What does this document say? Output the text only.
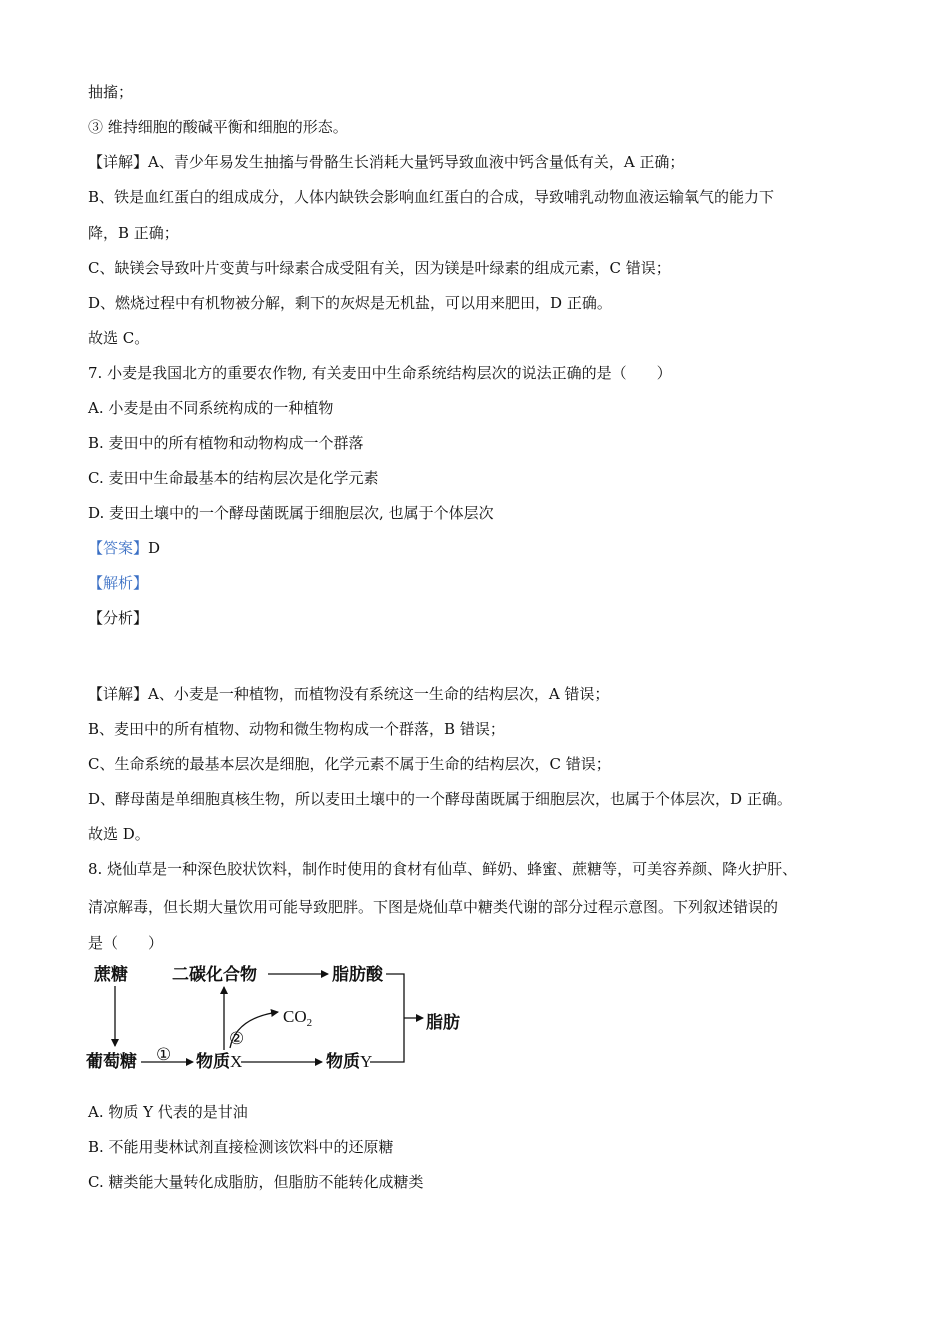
抽搐；
③ 维持细胞的酸碱平衡和细胞的形态。
【详解】A、青少年易发生抽搐与骨骼生长消耗大量钙导致血液中钙含量低有关，A 正确；
B、铁是血红蛋白的组成成分，人体内缺铁会影响血红蛋白的合成，导致哺乳动物血液运输氧气的能力下
降，B 正确；
C、缺镁会导致叶片变黄与叶绿素合成受阻有关，因为镁是叶绿素的组成元素，C 错误；
D、燃烧过程中有机物被分解，剩下的灰烬是无机盐，可以用来肥田，D 正确。
故选 C。
7. 小麦是我国北方的重要农作物, 有关麦田中生命系统结构层次的说法正确的是（　　）
A. 小麦是由不同系统构成的一种植物
B. 麦田中的所有植物和动物构成一个群落
C. 麦田中生命最基本的结构层次是化学元素
D. 麦田土壤中的一个酵母菌既属于细胞层次, 也属于个体层次
【答案】D
【解析】
【分析】
【详解】A、小麦是一种植物，而植物没有系统这一生命的结构层次，A 错误；
B、麦田中的所有植物、动物和微生物构成一个群落，B 错误；
C、生命系统的最基本层次是细胞，化学元素不属于生命的结构层次，C 错误；
D、酵母菌是单细胞真核生物，所以麦田土壤中的一个酵母菌既属于细胞层次，也属于个体层次，D 正确。
故选 D。
8. 烧仙草是一种深色胶状饮料，制作时使用的食材有仙草、鲜奶、蜂蜜、蔗糖等，可美容养颜、降火护肝、
清凉解毒，但长期大量饮用可能导致肥胖。下图是烧仙草中糖类代谢的部分过程示意图。下列叙述错误的
是（　　）
蔗糖
葡萄糖
二碳化合物	脂肪酸
脂肪
物质X	物质Y
$CO_2$
①
②
A. 物质 Y 代表的是甘油
B. 不能用斐林试剂直接检测该饮料中的还原糖
C. 糖类能大量转化成脂肪，但脂肪不能转化成糖类
